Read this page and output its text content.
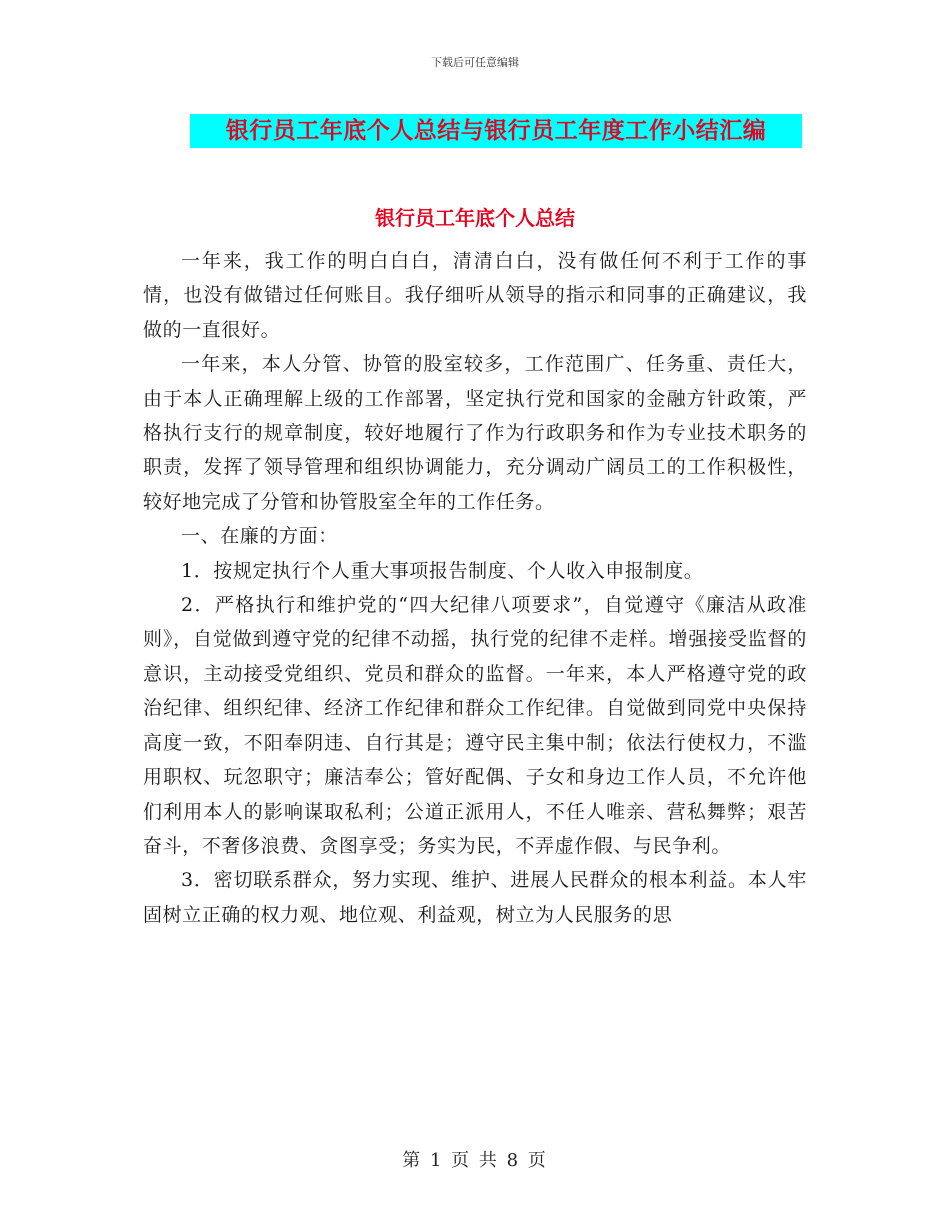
下载后可任意编辑
银行员工年底个人总结与银行员工年度工作小结汇编
银行员工年底个人总结

一年来，我工作的明白白白，清清白白，没有做任何不利于工作的事情，也没有做错过任何账目。我仔细听从领导的指示和同事的正确建议，我做的一直很好。

一年来，本人分管、协管的股室较多，工作范围广、任务重、责任大，由于本人正确理解上级的工作部署，坚定执行党和国家的金融方针政策，严格执行支行的规章制度，较好地履行了作为行政职务和作为专业技术职务的职责，发挥了领导管理和组织协调能力，充分调动广阔员工的工作积极性，较好地完成了分管和协管股室全年的工作任务。

一、在廉的方面：

1．按规定执行个人重大事项报告制度、个人收入申报制度。

2．严格执行和维护党的“四大纪律八项要求”，自觉遵守《廉洁从政准则》，自觉做到遵守党的纪律不动摇，执行党的纪律不走样。增强接受监督的意识，主动接受党组织、党员和群众的监督。一年来，本人严格遵守党的政治纪律、组织纪律、经济工作纪律和群众工作纪律。自觉做到同党中央保持高度一致，不阳奉阴违、自行其是；遵守民主集中制；依法行使权力，不滥用职权、玩忽职守；廉洁奉公；管好配偶、子女和身边工作人员，不允许他们利用本人的影响谋取私利；公道正派用人，不任人唯亲、营私舞弊；艰苦奋斗，不奢侈浪费、贪图享受；务实为民，不弄虚作假、与民争利。

3．密切联系群众，努力实现、维护、进展人民群众的根本利益。本人牢固树立正确的权力观、地位观、利益观，树立为人民服务的思

第 1 页 共 8 页
